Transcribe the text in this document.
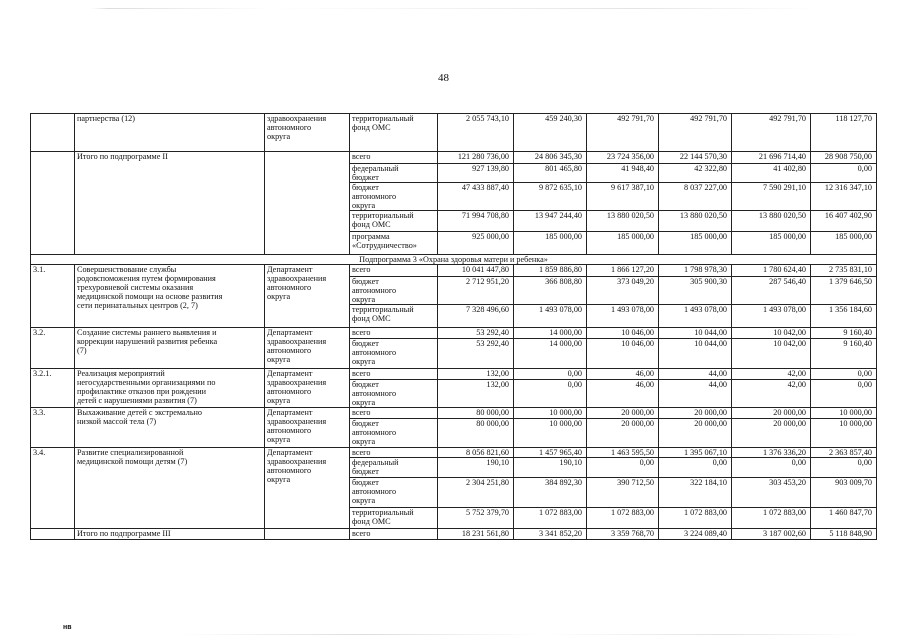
48
	партнерства (12)	здравоохранения
автономного
округа	территориальный
фонд ОМС	2 055 743,10	459 240,30	492 791,70	492 791,70	492 791,70	118 127,70
	Итого по подпрограмме II		всего	121 280 736,00	24 806 345,30	23 724 356,00	22 144 570,30	21 696 714,40	28 908 750,00
			федеральный
бюджет	927 139,80	801 465,80	41 948,40	42 322,80	41 402,80	0,00
			бюджет
автономного
округа	47 433 887,40	9 872 635,10	9 617 387,10	8 037 227,00	7 590 291,10	12 316 347,10
			территориальный
фонд ОМС	71 994 708,80	13 947 244,40	13 880 020,50	13 880 020,50	13 880 020,50	16 407 402,90
			программа
«Сотрудничество»	925 000,00	185 000,00	185 000,00	185 000,00	185 000,00	185 000,00
Подпрограмма 3 «Охрана здоровья матери и ребенка»									
3.1.	Совершенствование службы
родовспоможения путем формирования
трехуровневой системы оказания
медицинской помощи на основе развития
сети перинатальных центров (2, 7)	Департамент
здравоохранения
автономного
округа	всего	10 041 447,80	1 859 886,80	1 866 127,20	1 798 978,30	1 780 624,40	2 735 831,10
			бюджет
автономного
округа	2 712 951,20	366 808,80	373 049,20	305 900,30	287 546,40	1 379 646,50
			территориальный
фонд ОМС	7 328 496,60	1 493 078,00	1 493 078,00	1 493 078,00	1 493 078,00	1 356 184,60
3.2.	Создание системы раннего выявления и
коррекции нарушений развития ребенка
(7)	Департамент
здравоохранения
автономного
округа	всего	53 292,40	14 000,00	10 046,00	10 044,00	10 042,00	9 160,40
			бюджет
автономного
округа	53 292,40	14 000,00	10 046,00	10 044,00	10 042,00	9 160,40
3.2.1.	Реализация мероприятий
негосударственными организациями по
профилактике отказов при рождении
детей с нарушениями развития (7)	Департамент
здравоохранения
автономного
округа	всего	132,00	0,00	46,00	44,00	42,00	0,00
			бюджет
автономного
округа	132,00	0,00	46,00	44,00	42,00	0,00
3.3.	Выхаживание детей с экстремально
низкой массой тела (7)	Департамент
здравоохранения
автономного
округа	всего	80 000,00	10 000,00	20 000,00	20 000,00	20 000,00	10 000,00
			бюджет
автономного
округа	80 000,00	10 000,00	20 000,00	20 000,00	20 000,00	10 000,00
3.4.	Развитие специализированной
медицинской помощи детям (7)	Департамент
здравоохранения
автономного
округа	всего	8 056 821,60	1 457 965,40	1 463 595,50	1 395 067,10	1 376 336,20	2 363 857,40
			федеральный
бюджет	190,10	190,10	0,00	0,00	0,00	0,00
			бюджет
автономного
округа	2 304 251,80	384 892,30	390 712,50	322 184,10	303 453,20	903 009,70
			территориальный
фонд ОМС	5 752 379,70	1 072 883,00	1 072 883,00	1 072 883,00	1 072 883,00	1 460 847,70
	Итого по подпрограмме III		всего	18 231 561,80	3 341 852,20	3 359 768,70	3 224 089,40	3 187 002,60	5 118 848,90
нв
